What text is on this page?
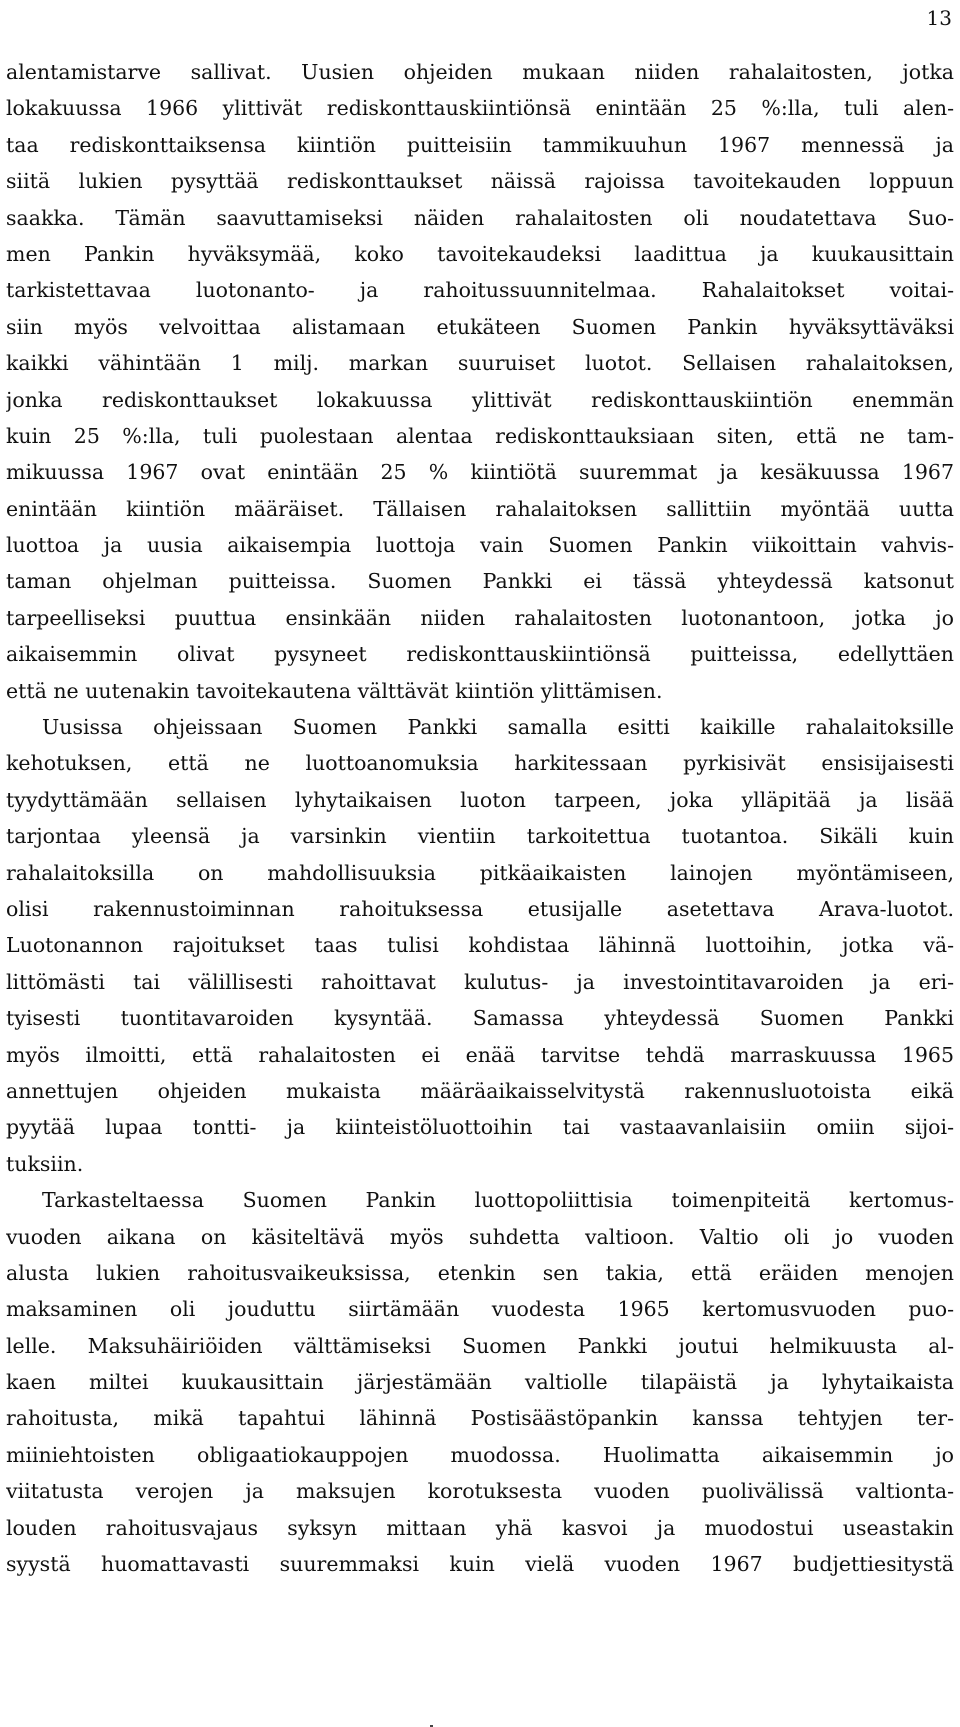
13
alentamistarve sallivat. Uusien ohjeiden mukaan niiden rahalaitosten, jotka
lokakuussa 1966 ylittivät rediskonttauskiintiönsä enintään 25 %:lla, tuli alen-
taa rediskonttaiksensa kiintiön puitteisiin tammikuuhun 1967 mennessä ja
siitä lukien pysyttää rediskonttaukset näissä rajoissa tavoitekauden loppuun
saakka. Tämän saavuttamiseksi näiden rahalaitosten oli noudatettava Suo-
men Pankin hyväksymää, koko tavoitekaudeksi laadittua ja kuukausittain
tarkistettavaa luotonanto- ja rahoitussuunnitelmaa. Rahalaitokset voitai-
siin myös velvoittaa alistamaan etukäteen Suomen Pankin hyväksyttäväksi
kaikki vähintään 1 milj. markan suuruiset luotot. Sellaisen rahalaitoksen,
jonka rediskonttaukset lokakuussa ylittivät rediskonttauskiintiön enemmän
kuin 25 %:lla, tuli puolestaan alentaa rediskonttauksiaan siten, että ne tam-
mikuussa 1967 ovat enintään 25 % kiintiötä suuremmat ja kesäkuussa 1967
enintään kiintiön määräiset. Tällaisen rahalaitoksen sallittiin myöntää uutta
luottoa ja uusia aikaisempia luottoja vain Suomen Pankin viikoittain vahvis-
taman ohjelman puitteissa. Suomen Pankki ei tässä yhteydessä katsonut
tarpeelliseksi puuttua ensinkään niiden rahalaitosten luotonantoon, jotka jo
aikaisemmin olivat pysyneet rediskonttauskiintiönsä puitteissa, edellyttäen
että ne uutenakin tavoitekautena välttävät kiintiön ylittämisen.
Uusissa ohjeissaan Suomen Pankki samalla esitti kaikille rahalaitoksille
kehotuksen, että ne luottoanomuksia harkitessaan pyrkisivät ensisijaisesti
tyydyttämään sellaisen lyhytaikaisen luoton tarpeen, joka ylläpitää ja lisää
tarjontaa yleensä ja varsinkin vientiin tarkoitettua tuotantoa. Sikäli kuin
rahalaitoksilla on mahdollisuuksia pitkäaikaisten lainojen myöntämiseen,
olisi rakennustoiminnan rahoituksessa etusijalle asetettava Arava-luotot.
Luotonannon rajoitukset taas tulisi kohdistaa lähinnä luottoihin, jotka vä-
littömästi tai välillisesti rahoittavat kulutus- ja investointitavaroiden ja eri-
tyisesti tuontitavaroiden kysyntää. Samassa yhteydessä Suomen Pankki
myös ilmoitti, että rahalaitosten ei enää tarvitse tehdä marraskuussa 1965
annettujen ohjeiden mukaista määräaikaisselvitystä rakennusluotoista eikä
pyytää lupaa tontti- ja kiinteistöluottoihin tai vastaavanlaisiin omiin sijoi-
tuksiin.
Tarkasteltaessa Suomen Pankin luottopoliittisia toimenpiteitä kertomus-
vuoden aikana on käsiteltävä myös suhdetta valtioon. Valtio oli jo vuoden
alusta lukien rahoitusvaikeuksissa, etenkin sen takia, että eräiden menojen
maksaminen oli jouduttu siirtämään vuodesta 1965 kertomusvuoden puo-
lelle. Maksuhäiriöiden välttämiseksi Suomen Pankki joutui helmikuusta al-
kaen miltei kuukausittain järjestämään valtiolle tilapäistä ja lyhytaikaista
rahoitusta, mikä tapahtui lähinnä Postisäästöpankin kanssa tehtyjen ter-
miiniehtoisten obligaatiokauppojen muodossa. Huolimatta aikaisemmin jo
viitatusta verojen ja maksujen korotuksesta vuoden puolivälissä valtionta-
louden rahoitusvajaus syksyn mittaan yhä kasvoi ja muodostui useastakin
syystä huomattavasti suuremmaksi kuin vielä vuoden 1967 budjettiesitystä
